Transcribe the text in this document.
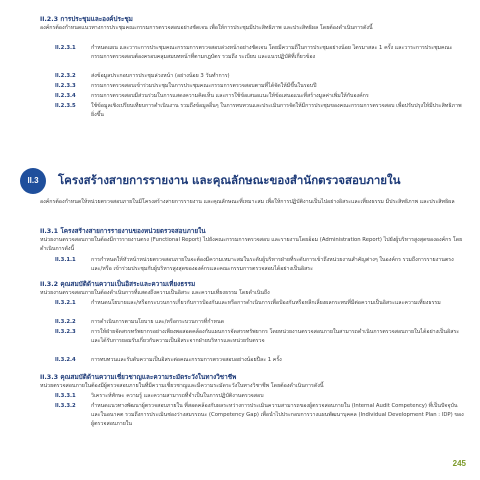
ll.2.3 การประชุมและองค์ประชุม
องค์กรต้องกำหนดแนวทางการประชุมคณะกรรมการตรวจสอบอย่างชัดเจน เพื่อให้การประชุมมีประสิทธิภาพ และประสิทธิผล โดยต้องดำเนินการดังนี้
ll.2.3.1	กำหนดแผน และวาระการประชุมคณะกรรมการตรวจสอบล่วงหน้าอย่างชัดเจน โดยมีความถี่ในการประชุมอย่างน้อย ไตรมาสละ 1 ครั้ง และวาระการประชุมคณะกรรมการตรวจสอบต้องครอบคลุมสมบทหน้าที่ตามกฎบัตร รวมถึง ระเบียบ และแนวปฏิบัติที่เกี่ยวข้อง
ll.2.3.2	ส่งข้อมูลประกอบการประชุมล่วงหน้า (อย่างน้อย 3 วันทำการ)
ll.2.3.3	กรรมการตรวจสอบเข้าร่วมประชุมในการประชุมคณะกรรมการตรวจสอบตามที่ได้จัดให้มีขึ้นในรอบปี
ll.2.3.4	กรรมการตรวจสอบมีส่วนร่วมในการแสดงความคิดเห็น และการใช้ข้อเสนอแนะให้ข้อเสนอแนะที่สร้างมูลค่าเพิ่มให้กับองค์กร
ll.2.3.5	ใช้ข้อมูลเชิงเปรียบเทียบการดำเนินงาน รวมถึงข้อมูลอื่นๆ ในการทบทวนและประเมินการจัดให้มีการประชุมของคณะกรรมการตรวจสอบ เพื่อปรับปรุงให้มีประสิทธิภาพยิ่งขึ้น
ll.3	โครงสร้างสายการรายงาน และคุณลักษณะของสำนักตรวจสอบภายใน
องค์กรต้องกำหนดให้หน่วยตรวจสอบภายในมีโครงสร้างสายการรายงาน และคุณลักษณะที่เหมาะสม เพื่อให้การปฏิบัติงานเป็นไปอย่างอิสระและเที่ยงธรรม มีประสิทธิภาพ และประสิทธิผล
ll.3.1 โครงสร้างสายการรายงานของหน่วยตรวจสอบภายใน
หน่วยงานตรวจสอบภายในต้องมีการรายงานตรง (Functional Report) ไปยังคณะกรรมการตรวจสอบ และรายงานโดยอ้อม (Administration Report) ไปยังผู้บริหารสูงสุดขององค์กร โดยดำเนินการดังนี้
ll.3.1.1	การกำหนดให้หัวหน้าหน่วยตรวจสอบภายในจะต้องมีความเหมาะสมในระดับผู้บริหารฝ่ายที่ระดับการเข้าถึงหน่วยงานสำคัญต่างๆ ในองค์กร รวมถึงการรายงานตรง และ/หรือ เข้าร่วมประชุมกับผู้บริหารสูงสุดขององค์กรและคณะกรรมการตรวจสอบได้อย่างเป็นอิสระ
ll.3.2 คุณสมบัติด้านความเป็นอิสระและความเที่ยงธรรม
หน่วยงานตรวจสอบภายในต้องดำเนินการที่แสดงถึงความเป็นอิสระ และความเที่ยงธรรม โดยดำเนินถึง
ll.3.2.1	กำหนดนโยบายและ/หรือกระบวนการเกี่ยวกับการป้องกันและหรือการดำเนินการเพื่อป้องกันหรือหลีกเลี่ยงผลกระทบที่มีต่อความเป็นอิสระและความเที่ยงธรรม
ll.3.2.2	การดำเนินการตามนโยบาย และ/หรือกระบวนการที่กำหนด
ll.3.2.3	การให้ฝ่ายจัดสรรทรัพยากรอย่างเพียงพอสอดคล้องกับแผนการจัดสรรทรัพยากร โดยหน่วยงานตรวจสอบภายในสามารถดำเนินการตรวจสอบภายในได้อย่างเป็นอิสระ และได้รับการยอมรับเกี่ยวกับความเป็นอิสระจากฝ่ายบริหารและหน่วยรับตรวจ
ll.3.2.4	การทบทวนและรับดับความเป็นอิสระต่อคณะกรรมการตรวจสอบอย่างน้อยปีละ 1 ครั้ง
ll.3.3 คุณสมบัติด้านความเชี่ยวชาญและความระมัดระวังในทางวิชาชีพ
หน่วยตรวจสอบภายในต้องมีผู้ตรวจสอบภายในที่มีความเชี่ยวชาญและมีความระมัดระวังในทางวิชาชีพ โดยต้องดำเนินการดังนี้
ll.3.3.1	วิเคราะห์ทักษะ ความรู้ และความสามารถที่จำเป็นในการปฏิบัติงานตรวจสอบ
ll.3.3.2	กำหนดแนวทางพัฒนาผู้ตรวจสอบภายใน ที่สอดคล้องกับผลระหว่างการประเมินความสามารถของผู้ตรวจสอบภายใน (Internal Audit Competency) ที่เป็นปัจจุบัน และในอนาคต รวมถึงการประเมินช่องว่างสมรรถนะ (Competency Gap) เพื่อนำไปประกอบการวางแผนพัฒนาบุคคล (Individual Development Plan : IDP) ของผู้ตรวจสอบภายใน
245
